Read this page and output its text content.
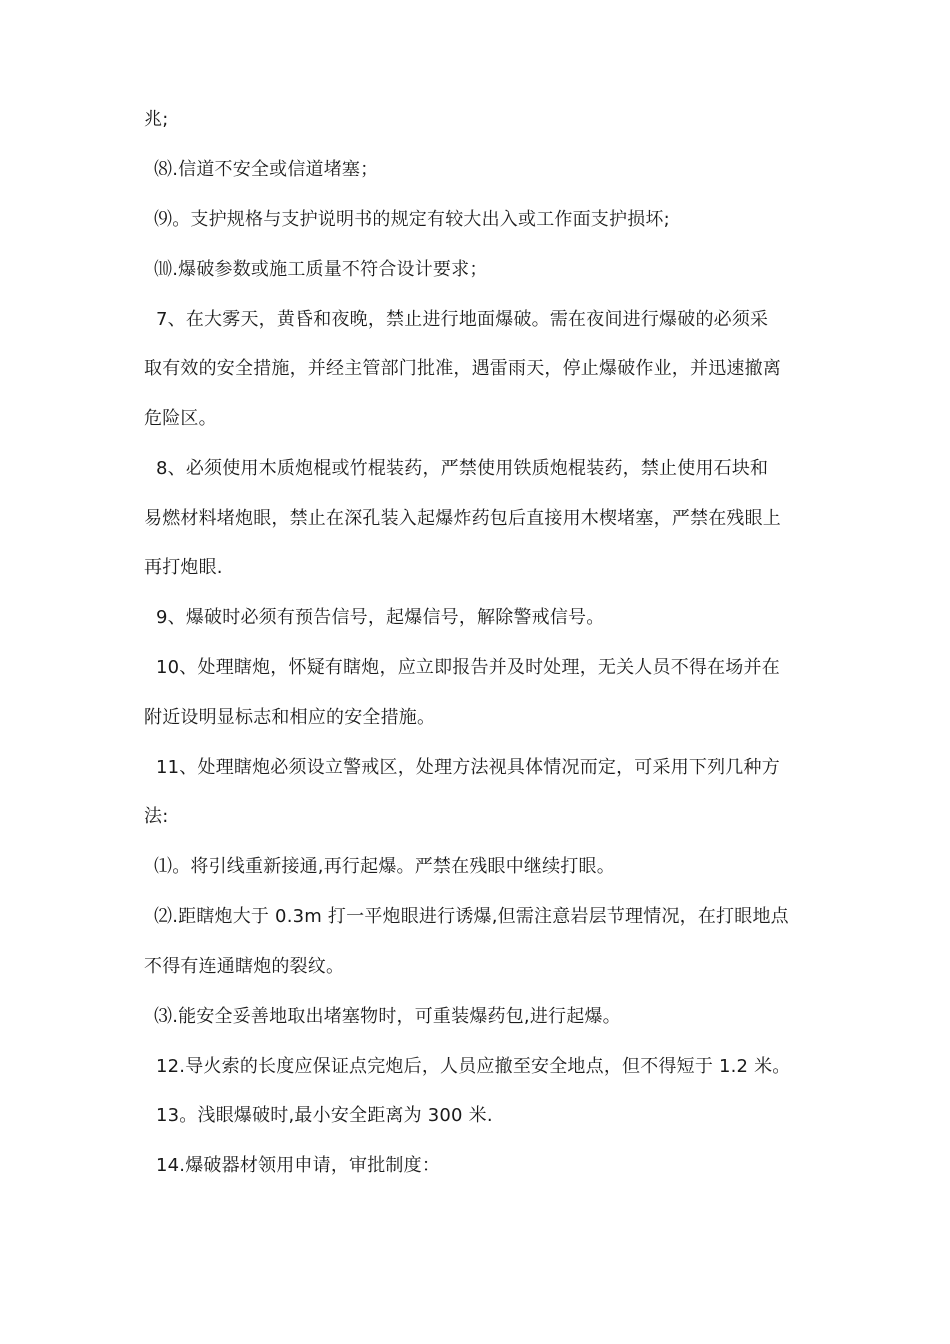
兆;
⑻.信道不安全或信道堵塞；
⑼。支护规格与支护说明书的规定有较大出入或工作面支护损坏;
⑽.爆破参数或施工质量不符合设计要求；
7、在大雾天，黄昏和夜晚，禁止进行地面爆破。需在夜间进行爆破的必须采
取有效的安全措施，并经主管部门批准，遇雷雨天，停止爆破作业，并迅速撤离
危险区。
8、必须使用木质炮棍或竹棍装药，严禁使用铁质炮棍装药，禁止使用石块和
易燃材料堵炮眼，禁止在深孔装入起爆炸药包后直接用木楔堵塞，严禁在残眼上
再打炮眼.
9、爆破时必须有预告信号，起爆信号，解除警戒信号。
10、处理瞎炮，怀疑有瞎炮，应立即报告并及时处理，无关人员不得在场并在
附近设明显标志和相应的安全措施。
11、处理瞎炮必须设立警戒区，处理方法视具体情况而定，可采用下列几种方
法:
⑴。将引线重新接通,再行起爆。严禁在残眼中继续打眼。
⑵.距瞎炮大于 0.3m 打一平炮眼进行诱爆,但需注意岩层节理情况，在打眼地点
不得有连通瞎炮的裂纹。
⑶.能安全妥善地取出堵塞物时，可重装爆药包,进行起爆。
12.导火索的长度应保证点完炮后，人员应撤至安全地点，但不得短于 1.2 米。
13。浅眼爆破时,最小安全距离为 300 米.
14.爆破器材领用申请，审批制度：
